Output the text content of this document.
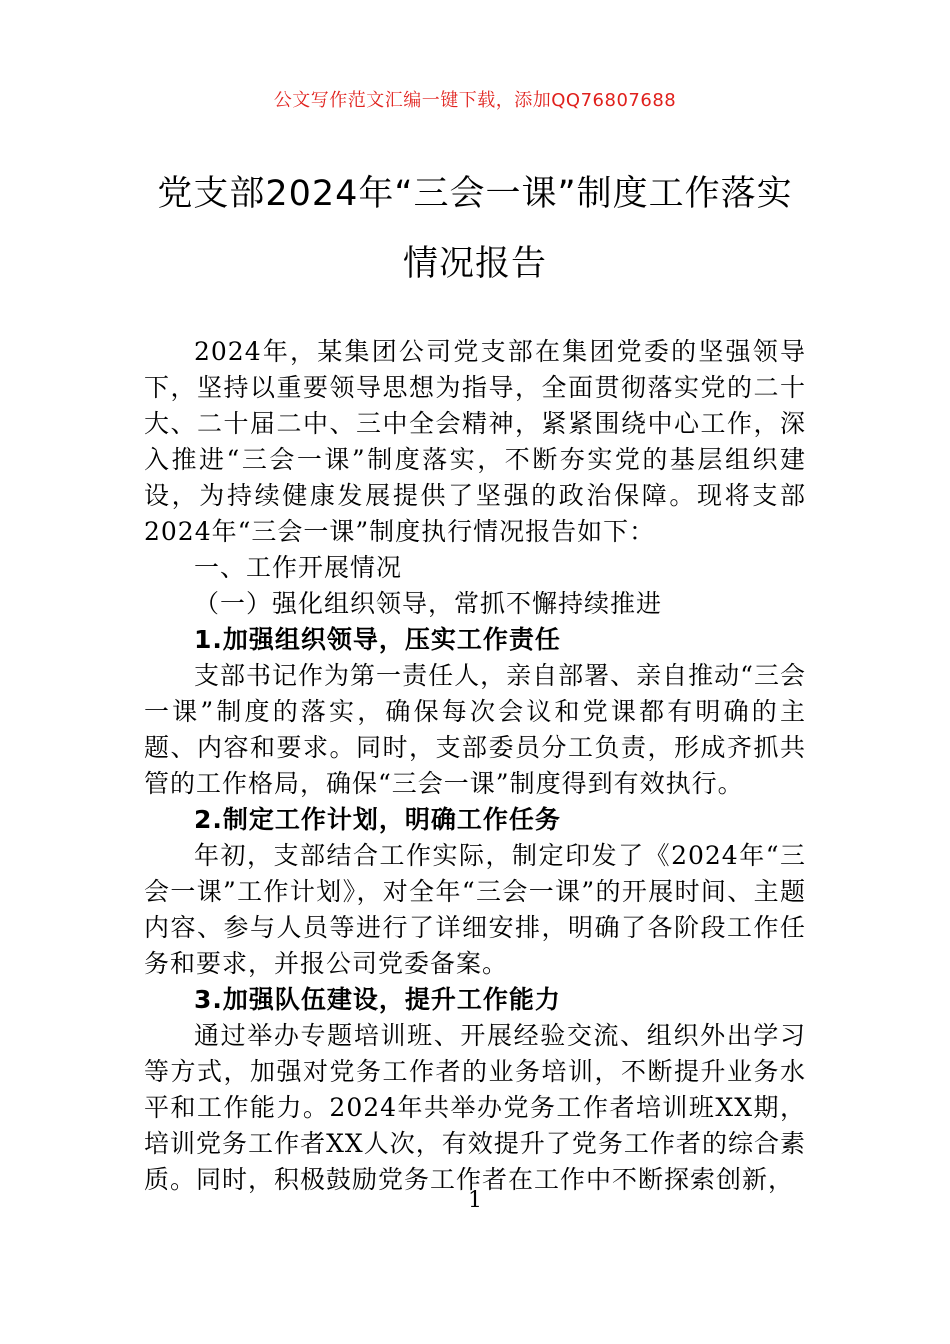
公文写作范文汇编一键下载，添加QQ76807688
党支部2024年“三会一课”制度工作落实
情况报告

2024年，某集团公司党支部在集团党委的坚强领导下，坚持以重要领导思想为指导，全面贯彻落实党的二十大、二十届二中、三中全会精神，紧紧围绕中心工作，深入推进“三会一课”制度落实，不断夯实党的基层组织建设，为持续健康发展提供了坚强的政治保障。现将支部2024年“三会一课”制度执行情况报告如下：

一、工作开展情况

（一）强化组织领导，常抓不懈持续推进

1.加强组织领导，压实工作责任

支部书记作为第一责任人，亲自部署、亲自推动“三会一课”制度的落实，确保每次会议和党课都有明确的主题、内容和要求。同时，支部委员分工负责，形成齐抓共管的工作格局，确保“三会一课”制度得到有效执行。

2.制定工作计划，明确工作任务

年初，支部结合工作实际，制定印发了《2024年“三会一课”工作计划》，对全年“三会一课”的开展时间、主题内容、参与人员等进行了详细安排，明确了各阶段工作任务和要求，并报公司党委备案。

3.加强队伍建设，提升工作能力

通过举办专题培训班、开展经验交流、组织外出学习等方式，加强对党务工作者的业务培训，不断提升业务水平和工作能力。2024年共举办党务工作者培训班XX期，培训党务工作者XX人次，有效提升了党务工作者的综合素质。同时，积极鼓励党务工作者在工作中不断探索创新，

1
